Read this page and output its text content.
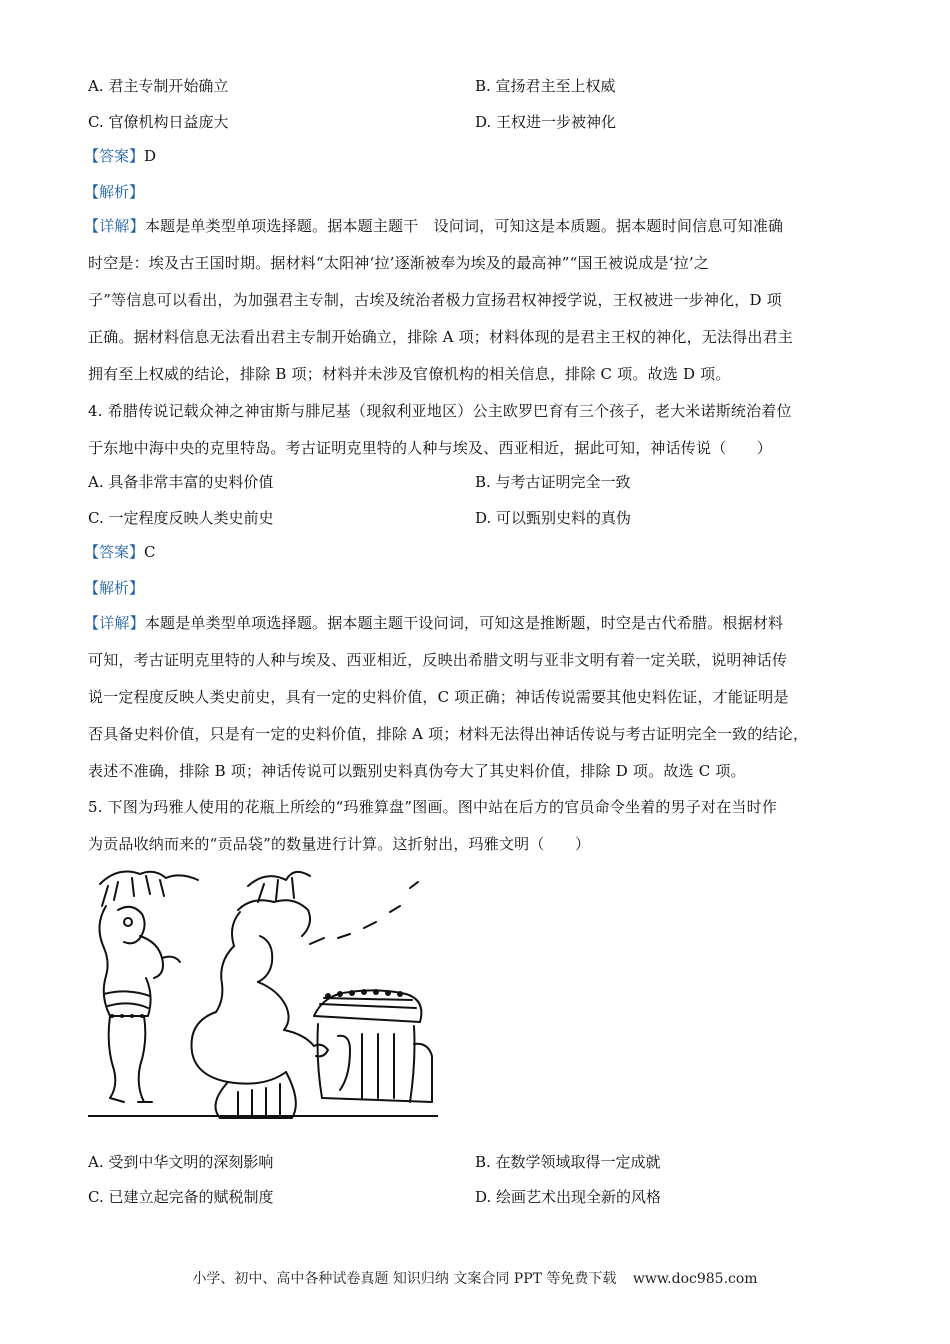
A. 君主专制开始确立	B. 宣扬君主至上权威
C. 官僚机构日益庞大	D. 王权进一步被神化
【答案】D
【解析】
【详解】本题是单类型单项选择题。据本题主题干　设问词，可知这是本质题。据本题时间信息可知准确
时空是：埃及古王国时期。据材料“太阳神‘拉’逐渐被奉为埃及的最高神”“国王被说成是‘拉’之
子”等信息可以看出，为加强君主专制，古埃及统治者极力宣扬君权神授学说，王权被进一步神化，D 项
正确。据材料信息无法看出君主专制开始确立，排除 A 项；材料体现的是君主王权的神化，无法得出君主
拥有至上权威的结论，排除 B 项；材料并未涉及官僚机构的相关信息，排除 C 项。故选 D 项。
4. 希腊传说记载众神之神宙斯与腓尼基（现叙利亚地区）公主欧罗巴育有三个孩子，老大米诺斯统治着位
于东地中海中央的克里特岛。考古证明克里特的人种与埃及、西亚相近，据此可知，神话传说（　　）
A. 具备非常丰富的史料价值	B. 与考古证明完全一致
C. 一定程度反映人类史前史	D. 可以甄别史料的真伪
【答案】C
【解析】
【详解】本题是单类型单项选择题。据本题主题干设问词，可知这是推断题，时空是古代希腊。根据材料
可知，考古证明克里特的人种与埃及、西亚相近，反映出希腊文明与亚非文明有着一定关联，说明神话传
说一定程度反映人类史前史，具有一定的史料价值，C 项正确；神话传说需要其他史料佐证，才能证明是
否具备史料价值，只是有一定的史料价值，排除 A 项；材料无法得出神话传说与考古证明完全一致的结论，
表述不准确，排除 B 项；神话传说可以甄别史料真伪夸大了其史料价值，排除 D 项。故选 C 项。
5. 下图为玛雅人使用的花瓶上所绘的“玛雅算盘”图画。图中站在后方的官员命令坐着的男子对在当时作
为贡品收纳而来的“贡品袋”的数量进行计算。这折射出，玛雅文明（　　）
A. 受到中华文明的深刻影响	B. 在数学领域取得一定成就
C. 已建立起完备的赋税制度	D. 绘画艺术出现全新的风格
小学、初中、高中各种试卷真题 知识归纳 文案合同 PPT 等免费下载 www.doc985.com
